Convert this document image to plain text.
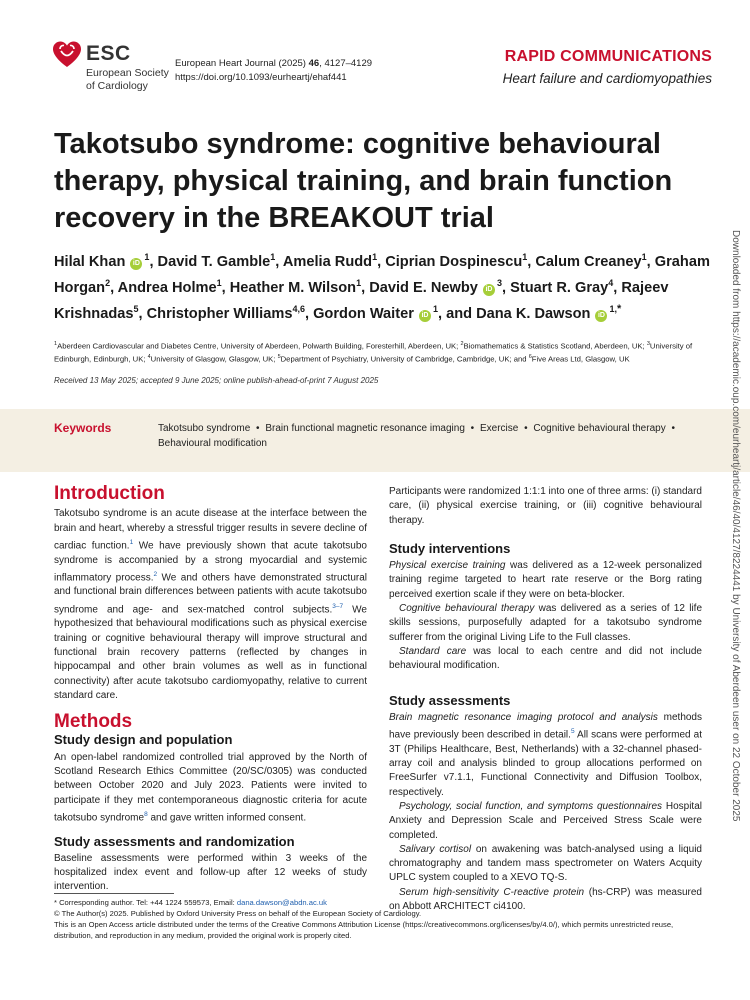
ESC
European Society
of Cardiology
European Heart Journal (2025) 46, 4127–4129
https://doi.org/10.1093/eurheartj/ehaf441
RAPID COMMUNICATIONS
Heart failure and cardiomyopathies
Takotsubo syndrome: cognitive behavioural therapy, physical training, and brain function recovery in the BREAKOUT trial
Hilal Khan $iD^1$, David T. Gamble$^1$, Amelia Rudd$^1$, Ciprian Dospinescu$^1$, Calum Creaney$^1$, Graham Horgan$^2$, Andrea Holme$^1$, Heather M. Wilson$^1$, David E. Newby $iD^3$, Stuart R. Gray$^4$, Rajeev Krishnadas$^5$, Christopher Williams$^{4,6}$, Gordon Waiter $iD^1$, and Dana K. Dawson $iD^{1,*}$
$^1$Aberdeen Cardiovascular and Diabetes Centre, University of Aberdeen, Polwarth Building, Foresterhill, Aberdeen, UK; $^2$Biomathematics & Statistics Scotland, Aberdeen, UK; $^3$University of Edinburgh, Edinburgh, UK; $^4$University of Glasgow, Glasgow, UK; $^5$Department of Psychiatry, University of Cambridge, Cambridge, UK; and $^6$Five Areas Ltd, Glasgow, UK
Received 13 May 2025; accepted 9 June 2025; online publish-ahead-of-print 7 August 2025
Keywords	Takotsubo syndrome • Brain functional magnetic resonance imaging • Exercise • Cognitive behavioural therapy • Behavioural modification
Introduction

Takotsubo syndrome is an acute disease at the interface between the brain and heart, whereby a stressful trigger results in severe decline of cardiac function.$^1$ We have previously shown that acute takotsubo syndrome is accompanied by a strong myocardial and systemic inflammatory process.$^2$ We and others have demonstrated structural and functional brain differences between patients with acute takotsubo syndrome and age- and sex-matched control subjects.$^{3-7}$ We hypothesized that behavioural modifications such as physical exercise training or cognitive behavioural therapy will improve structural and functional brain recovery patterns (reflected by changes in hippocampal and other brain volumes as well as in functional connectivity) after acute takotsubo cardiomyopathy, relative to current standard care.

Methods
Study design and population

An open-label randomized controlled trial approved by the North of Scotland Research Ethics Committee (20/SC/0305) was conducted between October 2020 and July 2023. Patients were invited to participate if they met contemporaneous diagnostic criteria for acute takotsubo syndrome$^8$ and gave written informed consent.

Study assessments and randomization

Baseline assessments were performed within 3 weeks of the hospitalized index event and follow-up after 12 weeks of study intervention.

Participants were randomized 1:1:1 into one of three arms: (i) standard care, (ii) physical exercise training, or (iii) cognitive behavioural therapy.

Study interventions

Physical exercise training was delivered as a 12-week personalized training regime targeted to heart rate reserve or the Borg rating perceived exertion scale if they were on beta-blocker.

Cognitive behavioural therapy was delivered as a series of 12 life skills sessions, purposefully adapted for a takotsubo syndrome sufferer from the original Living Life to the Full classes.

Standard care was local to each centre and did not include behavioural modification.

Study assessments

Brain magnetic resonance imaging protocol and analysis methods have previously been described in detail.$^5$ All scans were performed at 3T (Philips Healthcare, Best, Netherlands) with a 32-channel phased-array coil and analysis blinded to group allocations performed on FreeSurfer v7.1.1, Functional Connectivity and Diffusion Toolbox, respectively.

Psychology, social function, and symptoms questionnaires Hospital Anxiety and Depression Scale and Perceived Stress Scale were completed.

Salivary cortisol on awakening was batch-analysed using a liquid chromatography and tandem mass spectrometer on Waters Acquity UPLC system coupled to a XEVO TQ-S.

Serum high-sensitivity C-reactive protein (hs-CRP) was measured on Abbott ARCHITECT ci4100.

* Corresponding author. Tel: +44 1224 559573, Email: dana.dawson@abdn.ac.uk
© The Author(s) 2025. Published by Oxford University Press on behalf of the European Society of Cardiology.
This is an Open Access article distributed under the terms of the Creative Commons Attribution License (https://creativecommons.org/licenses/by/4.0/), which permits unrestricted reuse, distribution, and reproduction in any medium, provided the original work is properly cited.
Downloaded from https://academic.oup.com/eurheartj/article/46/40/4127/8224441 by University of Aberdeen user on 22 October 2025
